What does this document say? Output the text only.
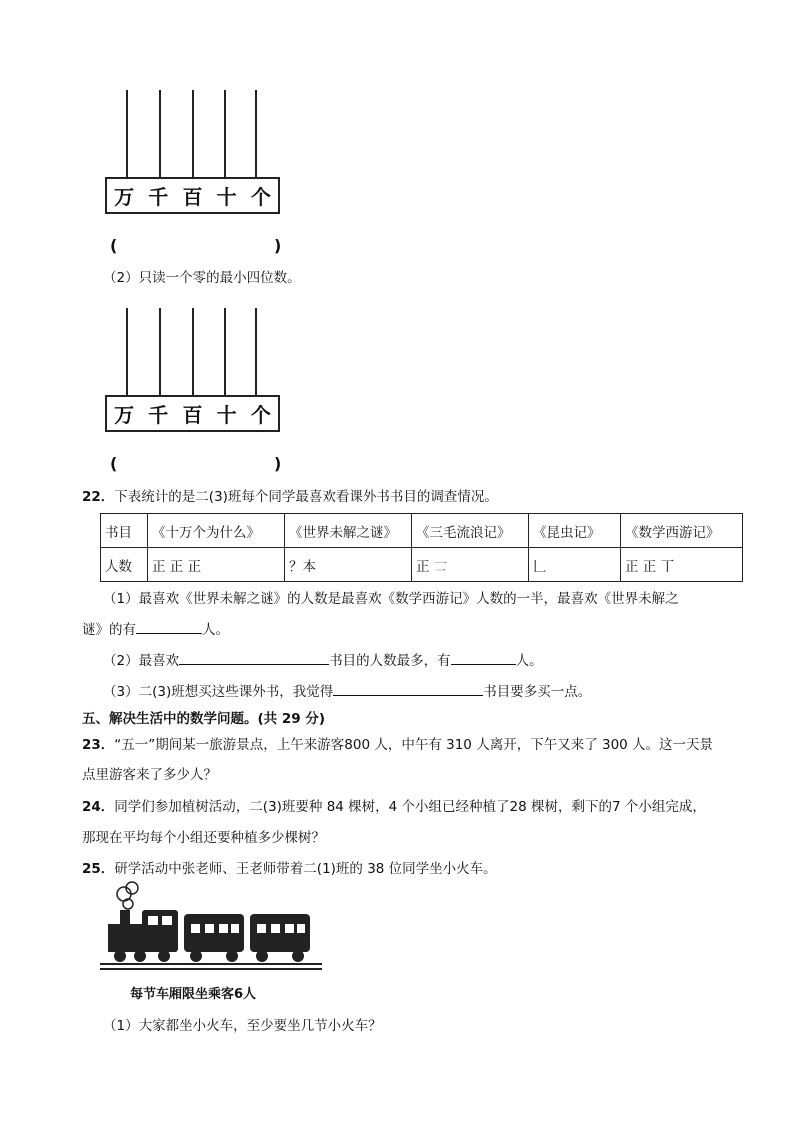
万 千 百 十 个
(	)
（2）只读一个零的最小四位数。
万 千 百 十 个
(	)
22．下表统计的是二(3)班每个同学最喜欢看课外书书目的调查情况。
书目	《十万个为什么》	《世界未解之谜》	《三毛流浪记》	《昆虫记》	《数学西游记》
人数	正 正 正	？本	正 𠄟	𠃊	正 正 丅
（1）最喜欢《世界未解之谜》的人数是最喜欢《数学西游记》人数的一半，最喜欢《世界未解之
谜》的有	人。
（2）最喜欢	书目的人数最多，有	人。
（3）二(3)班想买这些课外书，我觉得	书目要多买一点。
五、解决生活中的数学问题。(共 29 分)
23．“五一”期间某一旅游景点，上午来游客800 人，中午有 310 人离开，下午又来了 300 人。这一天景
点里游客来了多少人？
24．同学们参加植树活动，二(3)班要种 84 棵树，4 个小组已经种植了28 棵树，剩下的7 个小组完成，
那现在平均每个小组还要种植多少棵树？
25．研学活动中张老师、王老师带着二(1)班的 38 位同学坐小火车。
每节车厢限坐乘客6人
（1）大家都坐小火车，至少要坐几节小火车？
